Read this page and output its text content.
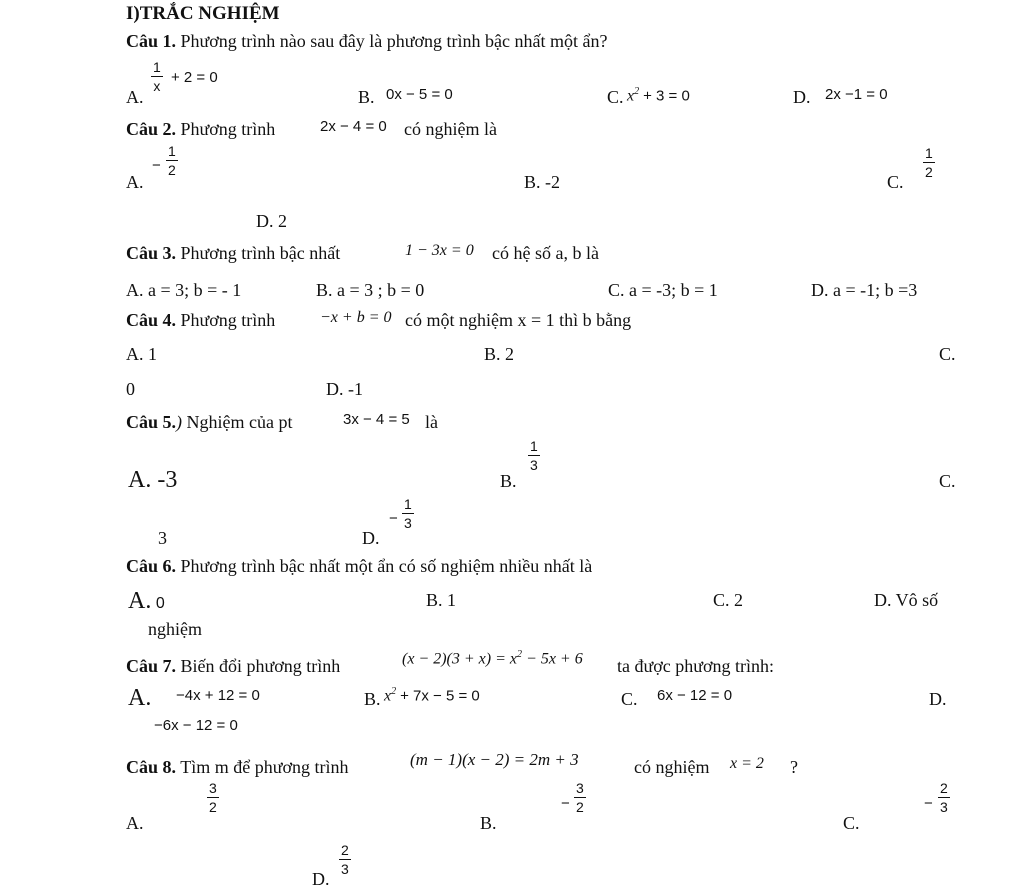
I)TRẮC NGHIỆM
Câu 1. Phương trình nào sau đây là phương trình bậc nhất một ẩn?
A.
$\frac{1}{x} + 2 = 0$
B. 0x − 5 = 0	C. $x^2 + 3 = 0$	D. 2x −1 = 0
Câu 2. Phương trình	2x − 4 = 0 có nghiệm là
A.
− $\frac{1}{2}$
B. -2	C.
$\frac{1}{2}$
D. 2
Câu 3. Phương trình bậc nhất	1 − 3x = 0 có hệ số a, b là
A. a = 3; b = - 1	B. a = 3 ; b = 0	C. a = -3; b = 1	D. a = -1; b =3
Câu 4. Phương trình	−x + b = 0 có một nghiệm x = 1 thì b bằng
A. 1	B. 2	C.
0	D. -1
Câu 5.) Nghiệm của pt	3x − 4 = 5 là
A. -3	B.
$\frac{1}{3}$
C.
3	D.
− $\frac{1}{3}$
Câu 6. Phương trình bậc nhất một ẩn có số nghiệm nhiều nhất là
A. 0	B. 1	C. 2	D. Vô số
nghiệm
Câu 7. Biến đổi phương trình	$(x - 2)(3 + x) = x^2 - 5x + 6$ ta được phương trình:
A. −4x + 12 = 0	B. $x^2 + 7x - 5 = 0$	C. 6x − 12 = 0	D.
−6x − 12 = 0
Câu 8. Tìm m để phương trình	(m − 1)(x − 2) = 2m + 3	có nghiệm x = 2 ?
A.
$\frac{3}{2}$
B.
− $\frac{3}{2}$
C.
− $\frac{2}{3}$
D.
$\frac{2}{3}$
